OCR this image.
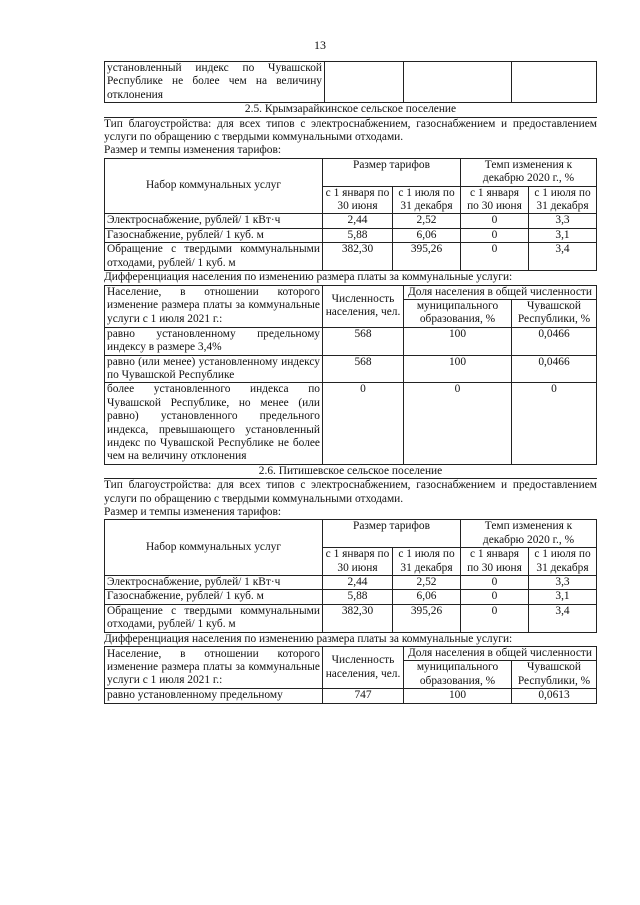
13
установленный индекс по Чувашской Республике не более чем на величину отклонения			
2.5. Крымзарайкинское сельское поселение
Тип благоустройства: для всех типов с электроснабжением, газоснабжением и предоставлением услуги по обращению с твердыми коммунальными отходами.
Размер и темпы изменения тарифов:
Набор коммунальных услуг	Размер тарифов		Темп изменения к декабрю 2020 г., %	
	с 1 января по 30 июня	с 1 июля по 31 декабря	с 1 января по 30 июня	с 1 июля по 31 декабря
Электроснабжение, рублей/ 1 кВт·ч	2,44	2,52	0	3,3
Газоснабжение, рублей/ 1 куб. м	5,88	6,06	0	3,1
Обращение с твердыми коммунальными отходами, рублей/ 1 куб. м	382,30	395,26	0	3,4
Дифференциация населения по изменению размера платы за коммунальные услуги:
Население, в отношении которого изменение размера платы за коммунальные услуги с 1 июля 2021 г.:	Численность населения, чел.	Доля населения в общей численности	
		муниципального образования, %	Чувашской Республики, %
равно установленному предельному индексу в размере 3,4%	568	100	0,0466
равно (или менее) установленному индексу по Чувашской Республике	568	100	0,0466
более установленного индекса по Чувашской Республике, но менее (или равно) установленного предельного индекса, превышающего установленный индекс по Чувашской Республике не более чем на величину отклонения	0	0	0
2.6. Питишевское сельское поселение
Тип благоустройства: для всех типов с электроснабжением, газоснабжением и предоставлением услуги по обращению с твердыми коммунальными отходами.
Размер и темпы изменения тарифов:
Набор коммунальных услуг	Размер тарифов		Темп изменения к декабрю 2020 г., %	
	с 1 января по 30 июня	с 1 июля по 31 декабря	с 1 января по 30 июня	с 1 июля по 31 декабря
Электроснабжение, рублей/ 1 кВт·ч	2,44	2,52	0	3,3
Газоснабжение, рублей/ 1 куб. м	5,88	6,06	0	3,1
Обращение с твердыми коммунальными отходами, рублей/ 1 куб. м	382,30	395,26	0	3,4
Дифференциация населения по изменению размера платы за коммунальные услуги:
Население, в отношении которого изменение размера платы за коммунальные услуги с 1 июля 2021 г.:	Численность населения, чел.	Доля населения в общей численности	
		муниципального образования, %	Чувашской Республики, %
равно установленному предельному	747	100	0,0613
